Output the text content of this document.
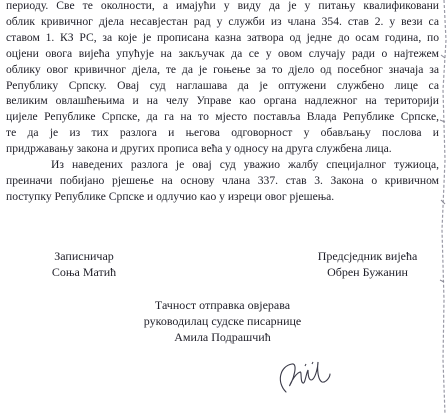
периоду. Све те околности, а имајући у виду да је у питању квалификовани
облик кривичног дјела несавјестан рад у служби из члана 354. став 2. у вези са
ставом 1. КЗ РС, за које је прописана казна затвора од једне до осам година, по
оцјени овога вијећа упућује на закључак да се у овом случају ради о најтежем
облику овог кривичног дјела, те да је гоњење за то дјело од посебног значаја за
Републику Српску. Овај суд наглашава да је оптужени службено лице са
великим овлашћењима и на челу Управе као органа надлежног на територији
цијеле Републике Српске, да га на то мјесто поставља Влада Републике Српске,
те да је из тих разлога и његова одговорност у обављању послова и
придржавању закона и других прописа већа у односу на друга службена лица.
Из наведених разлога је овај суд уважио жалбу специјалног тужиоца,
преиначи побијано рјешење на основу члана 337. став 3. Закона о кривичном
поступку Републике Српске и одлучио као у изреци овог рјешења.
Записничар
Соња Матић
Предсједник вијећа
Обрен Бужанин
Тачност отправка овјерава
руководилац судске писарнице
Амила Подрашчић
